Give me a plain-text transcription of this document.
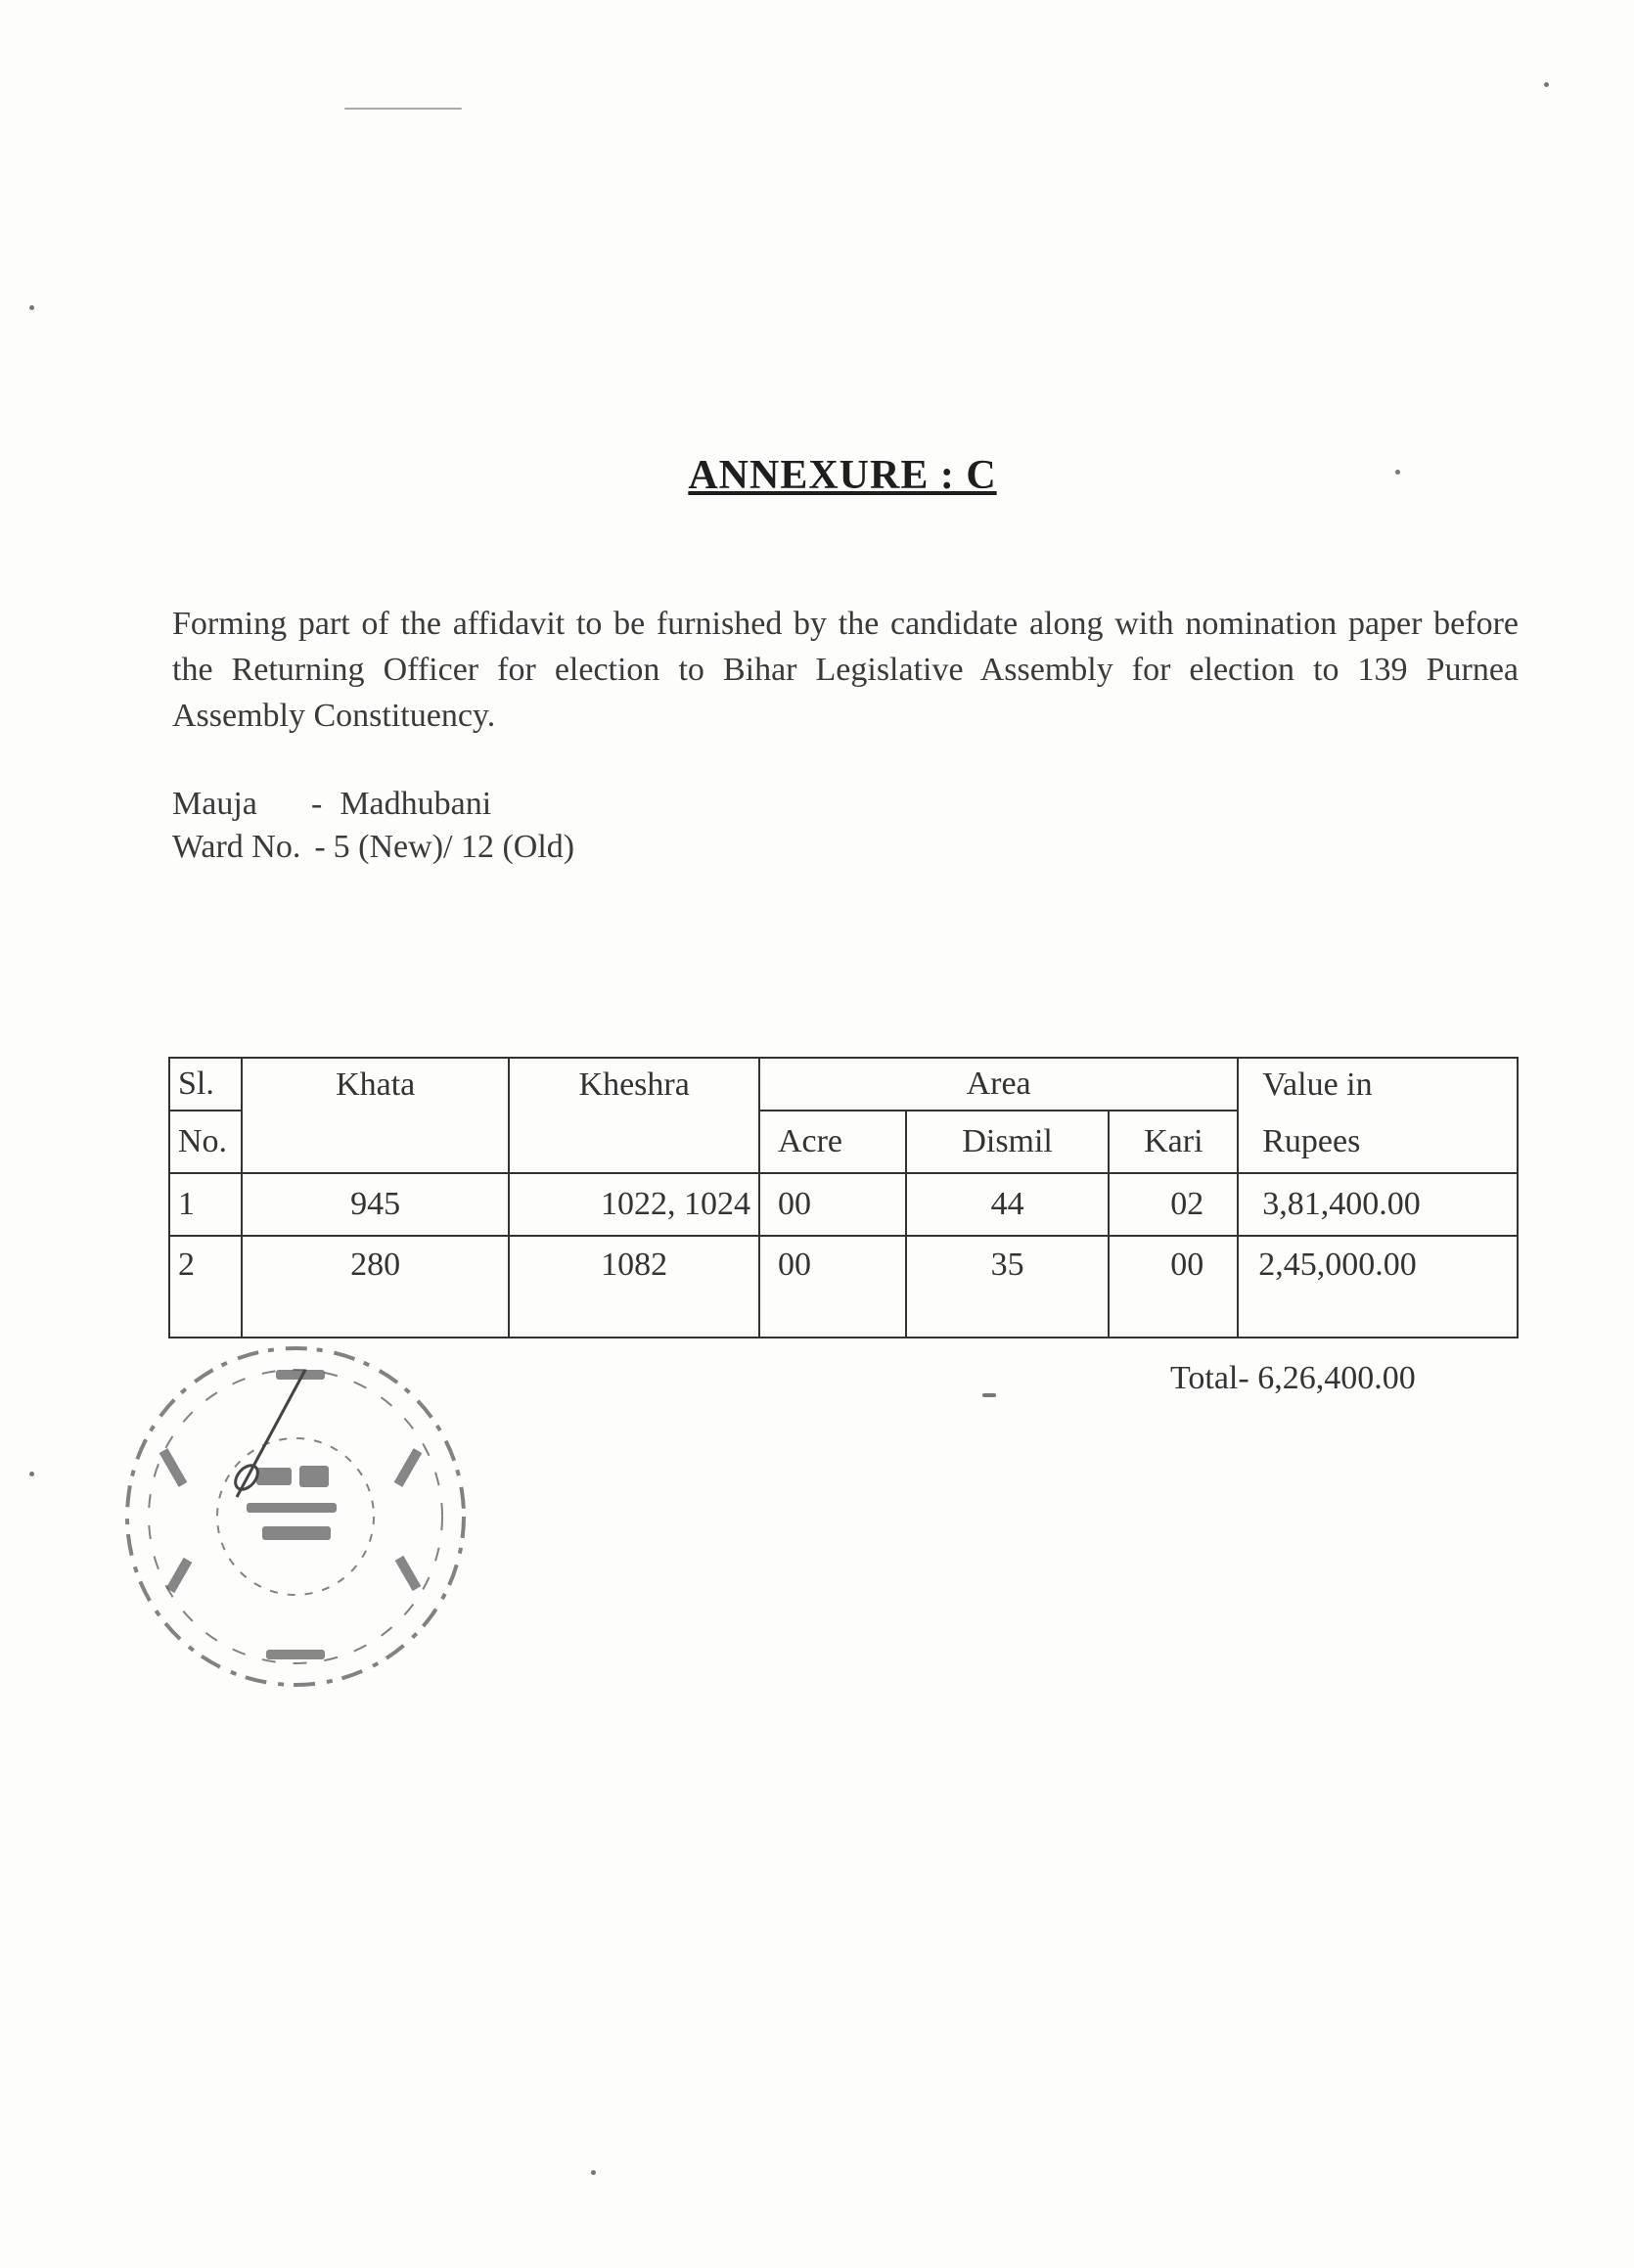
ANNEXURE : C
Forming part of the affidavit to be furnished by the candidate along with nomination paper before the Returning Officer for election to Bihar Legislative Assembly for election to 139 Purnea Assembly Constituency.
Mauja	- Madhubani
Ward No. - 5 (New)/ 12 (Old)
Sl.	Khata	Kheshra	Area			Value in
No.			Acre	Dismil	Kari	Rupees
1	945	1022, 1024	00	44	02	3,81,400.00
2	280	1082	00	35	00	2,45,000.00
Total- 6,26,400.00
